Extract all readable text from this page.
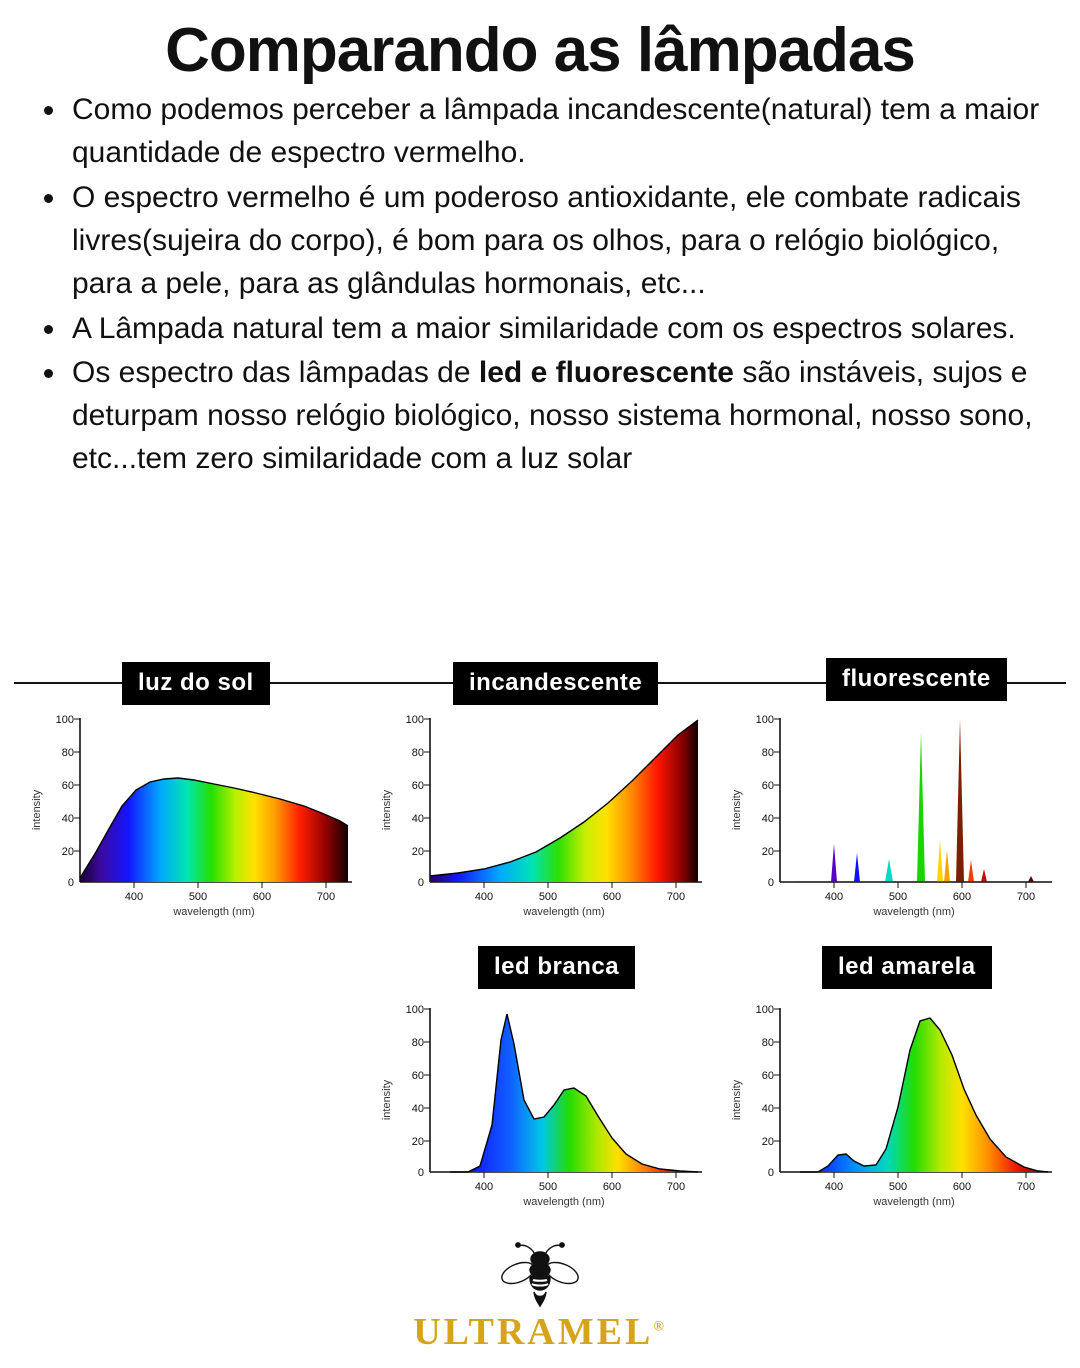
Comparando as lâmpadas
Como podemos perceber a lâmpada incandescente(natural) tem a maior quantidade de espectro vermelho.
O espectro vermelho é um poderoso antioxidante, ele combate radicais livres(sujeira do corpo), é bom para os olhos, para o relógio biológico, para a pele, para as glândulas hormonais, etc...
A Lâmpada natural tem a maior similaridade com os espectros solares.
Os espectro das lâmpadas de led e fluorescente são instáveis, sujos e deturpam nosso relógio biológico, nosso sistema hormonal, nosso sono, etc...tem zero similaridade com a luz solar
luz do sol
100
80
60
40
20
0
400	500	600	700
wavelength (nm)
intensity
incandescente
100
80
60
40
20
0
400	500	600	700
wavelength (nm)
intensity
fluorescente
100
80
60
40
20
0
400	500	600	700
wavelength (nm)
intensity
led branca
100
80
60
40
20
0
400	500	600	700
wavelength (nm)
intensity
led amarela
100
80
60
40
20
0
400	500	600	700
wavelength (nm)
intensity
ULTRAMEL®
